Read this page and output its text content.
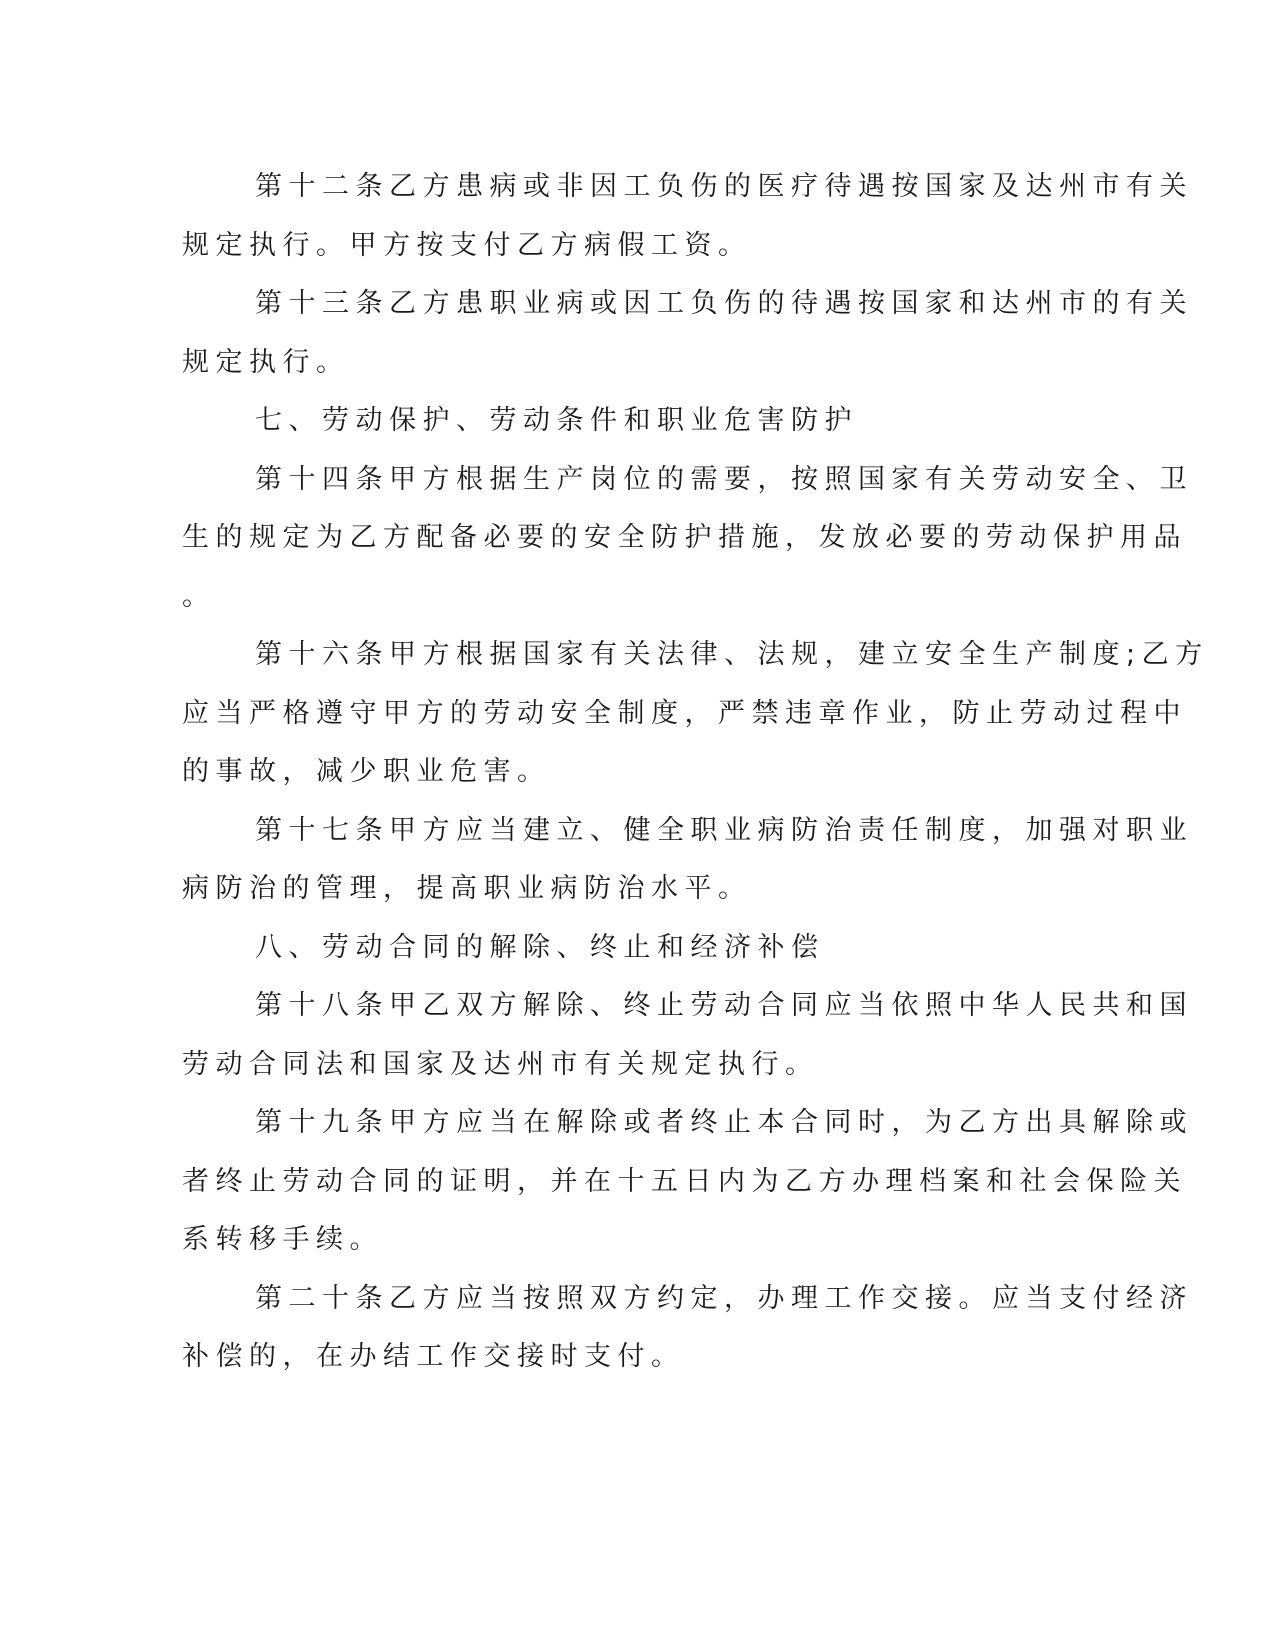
第十二条乙方患病或非因工负伤的医疗待遇按国家及达州市有关
规定执行。甲方按支付乙方病假工资。

第十三条乙方患职业病或因工负伤的待遇按国家和达州市的有关
规定执行。

七、劳动保护、劳动条件和职业危害防护

第十四条甲方根据生产岗位的需要，按照国家有关劳动安全、卫
生的规定为乙方配备必要的安全防护措施，发放必要的劳动保护用品
。

第十六条甲方根据国家有关法律、法规，建立安全生产制度;乙方
应当严格遵守甲方的劳动安全制度，严禁违章作业，防止劳动过程中
的事故，减少职业危害。

第十七条甲方应当建立、健全职业病防治责任制度，加强对职业
病防治的管理，提高职业病防治水平。

八、劳动合同的解除、终止和经济补偿

第十八条甲乙双方解除、终止劳动合同应当依照中华人民共和国
劳动合同法和国家及达州市有关规定执行。

第十九条甲方应当在解除或者终止本合同时，为乙方出具解除或
者终止劳动合同的证明，并在十五日内为乙方办理档案和社会保险关
系转移手续。

第二十条乙方应当按照双方约定，办理工作交接。应当支付经济
补偿的，在办结工作交接时支付。
